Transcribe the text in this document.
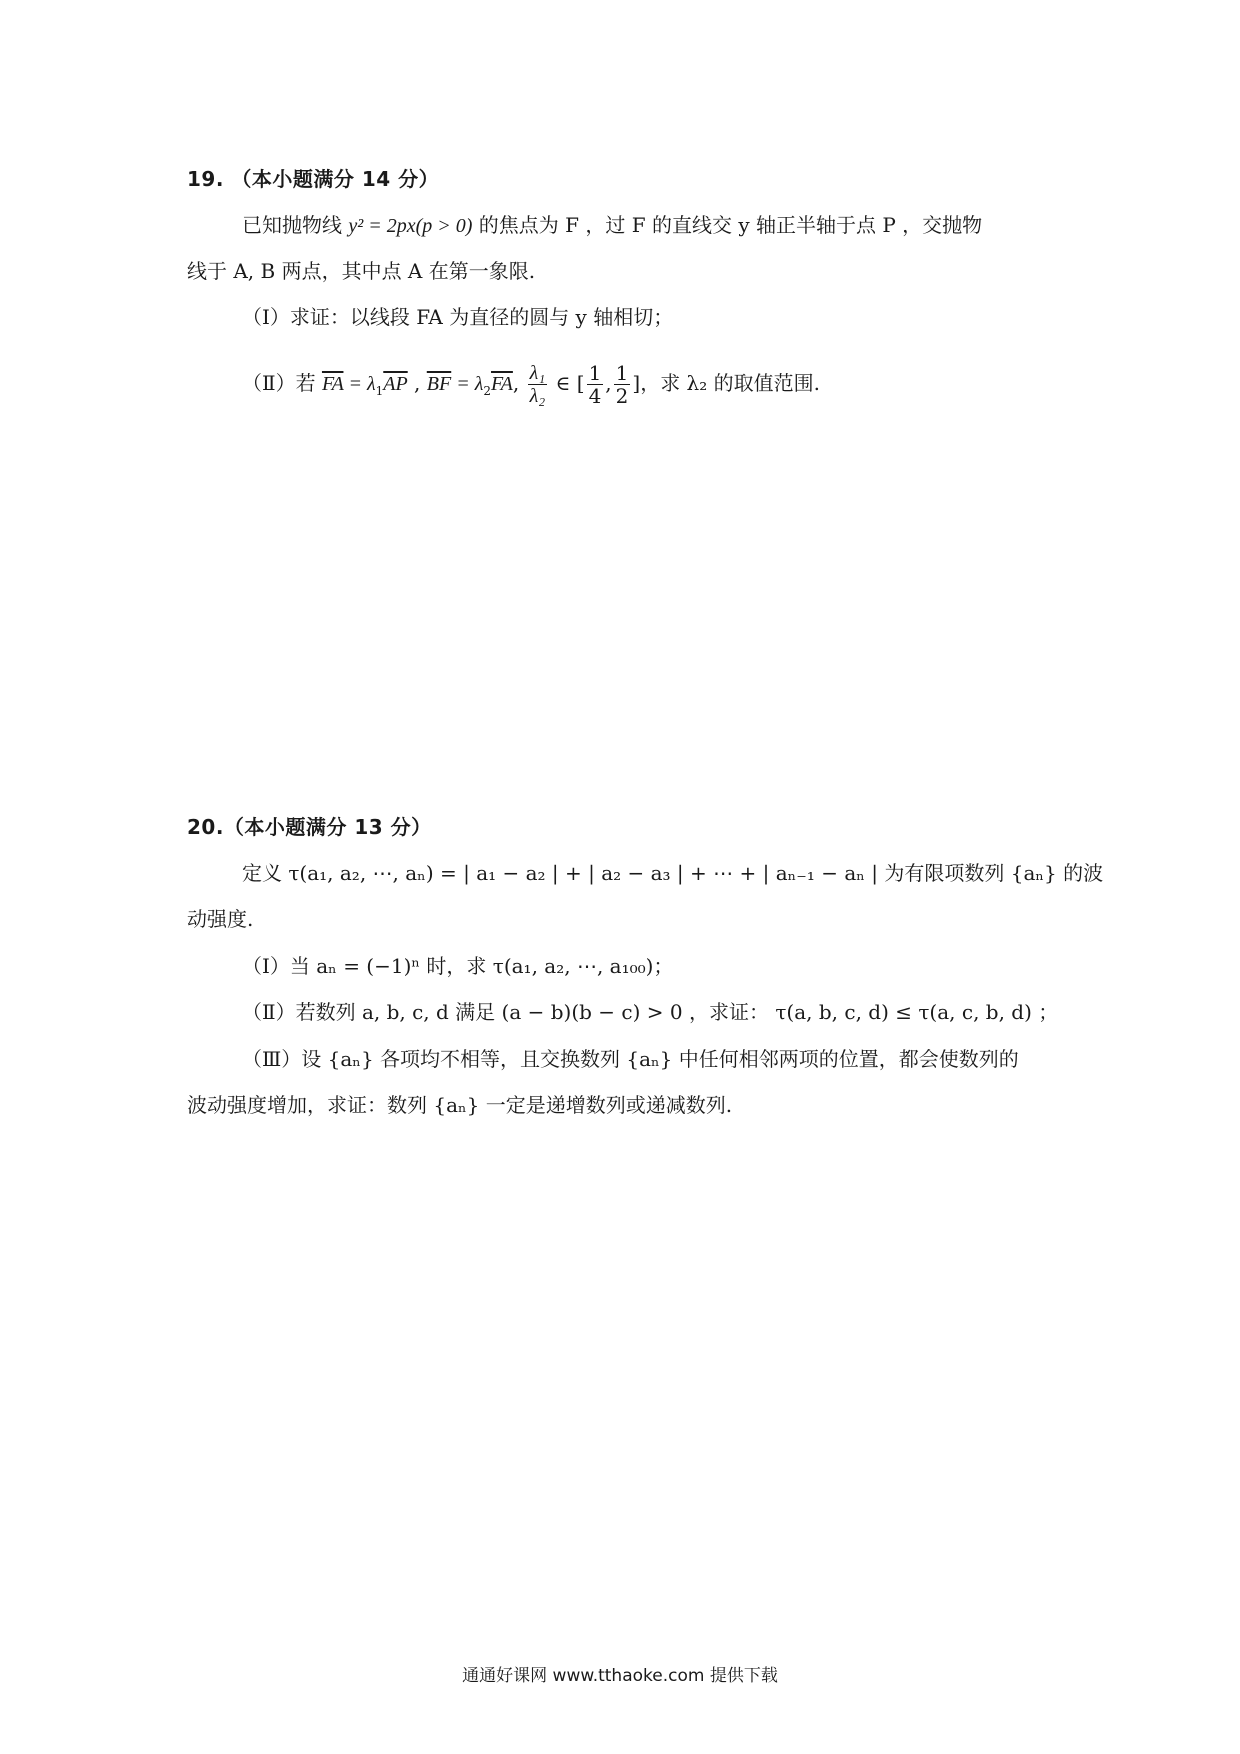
19. （本小题满分 14 分）
已知抛物线 y² = 2px(p > 0) 的焦点为 F ，过 F 的直线交 y 轴正半轴于点 P ，交抛物
线于 A, B 两点，其中点 A 在第一象限.
（Ⅰ）求证：以线段 FA 为直径的圆与 y 轴相切；
（Ⅱ）若 $\overline{FA} = \lambda_1\overline{AP}$ , $\overline{BF} = \lambda_2\overline{FA}$, $\frac{\text{λ₁}}{\text{λ₂}}$ ∈ [ $\frac{1}{4}$ , $\frac{1}{2}$ ]，求 λ₂ 的取值范围.
20.（本小题满分 13 分）
定义 τ(a₁, a₂, ⋯, aₙ) = | a₁ − a₂ | + | a₂ − a₃ | + ⋯ + | aₙ₋₁ − aₙ | 为有限项数列 {aₙ} 的波
动强度.
（Ⅰ）当 aₙ = (−1)ⁿ 时，求 τ(a₁, a₂, ⋯, a₁₀₀)；
（Ⅱ）若数列 a, b, c, d 满足 (a − b)(b − c) > 0 ，求证： τ(a, b, c, d) ≤ τ(a, c, b, d) ；
（Ⅲ）设 {aₙ} 各项均不相等，且交换数列 {aₙ} 中任何相邻两项的位置，都会使数列的
波动强度增加，求证：数列 {aₙ} 一定是递增数列或递减数列.
通通好课网 www.tthaoke.com 提供下载
